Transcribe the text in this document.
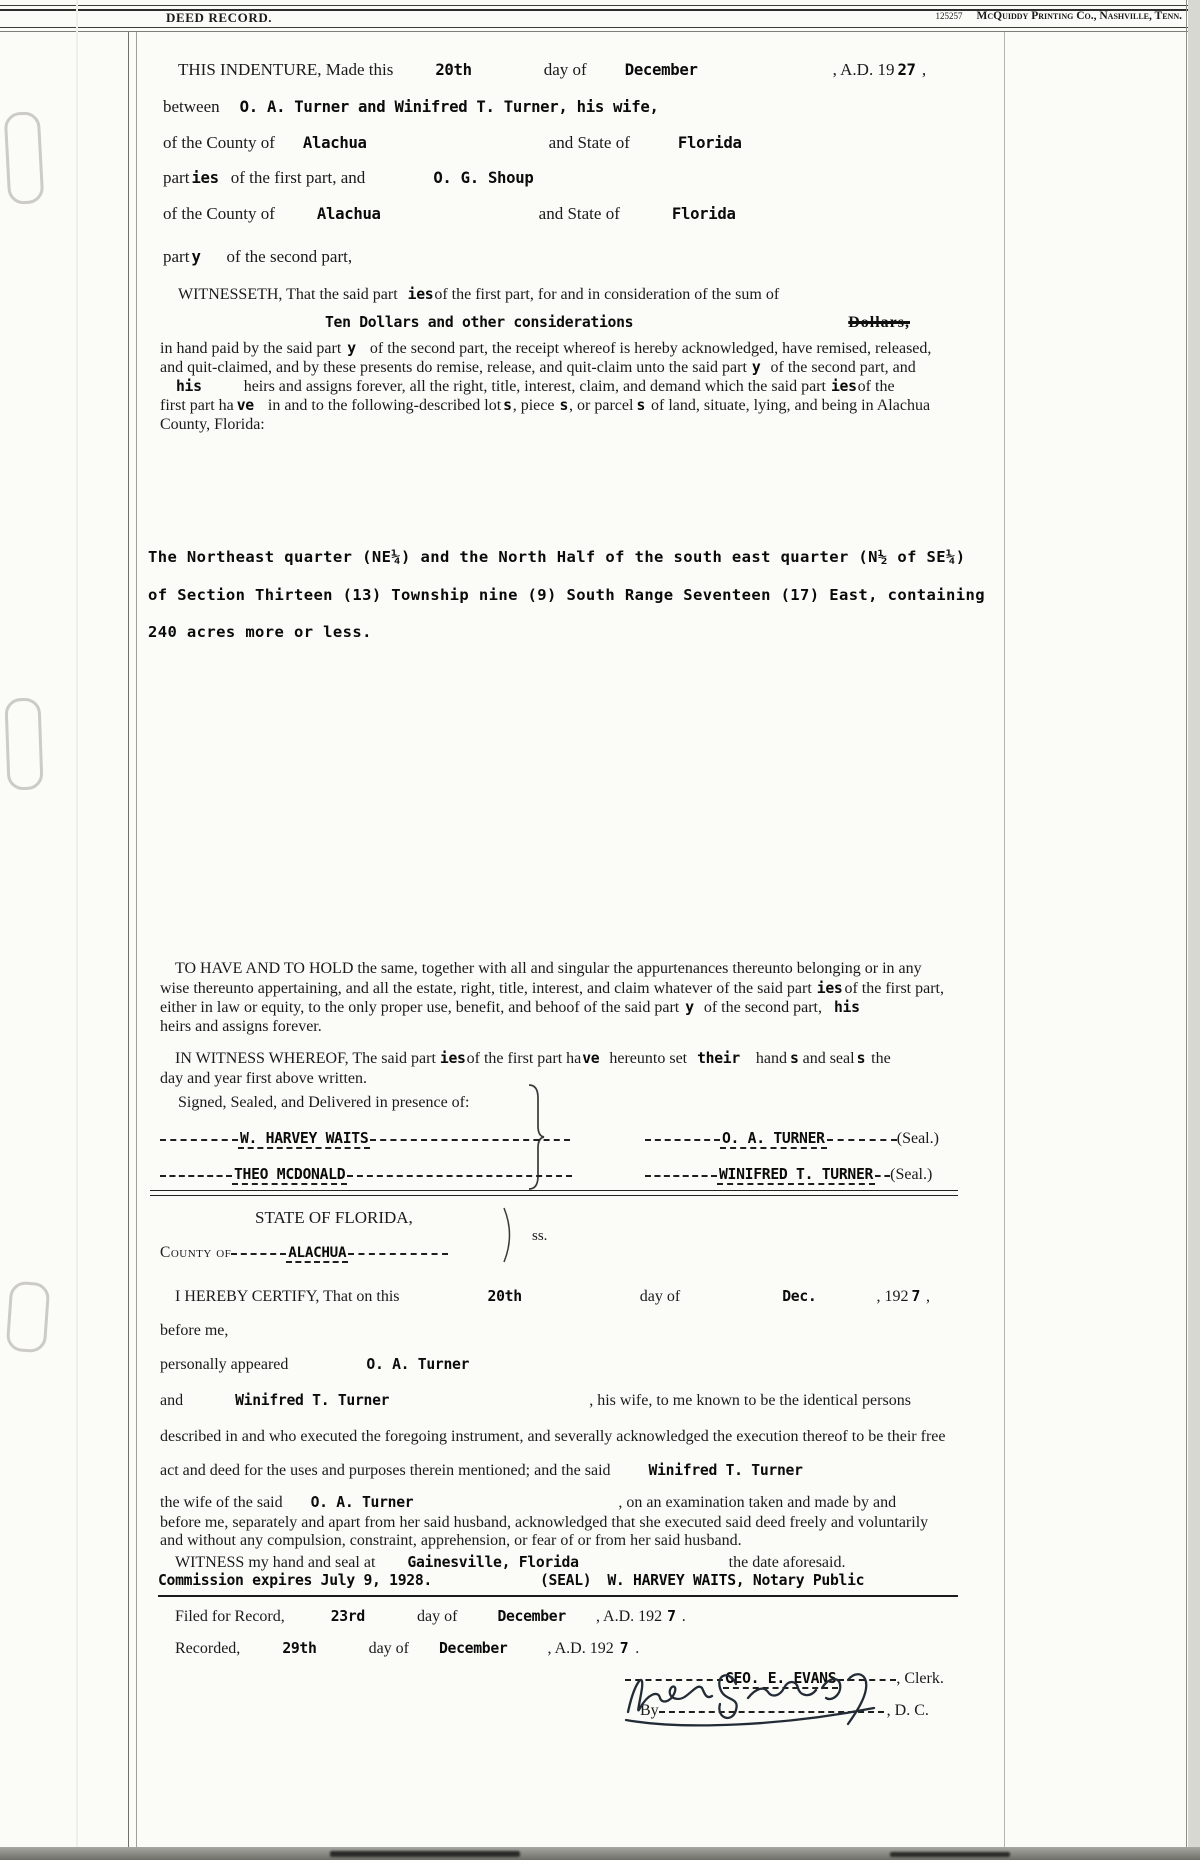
DEED RECORD.	125257 McQuiddy Printing Co., Nashville, Tenn.
THIS INDENTURE, Made this	20th	day of December	, A.D. 19 27 ,
between O. A. Turner and Winifred T. Turner, his wife,
of the County of Alachua	and State of	Florida
part ies of the first part, and	O. G. Shoup
of the County of	Alachua	and State of	Florida
part y of the second part,
WITNESSETH, That the said part iesof the first part, for and in consideration of the sum of
Ten Dollars and other considerations	Dollars,
in hand paid by the said part y of the second part, the receipt whereof is hereby acknowledged, have remised, released,
and quit-claimed, and by these presents do remise, release, and quit-claim unto the said part y of the second part, and
his	heirs and assigns forever, all the right, title, interest, claim, and demand which the said part iesof the
first part ha ve in and to the following-described lot s, piece s, or parcel s of land, situate, lying, and being in Alachua
County, Florida:
The Northeast quarter (NE¼) and the North Half of the south east quarter (N½ of SE¼)
of Section Thirteen (13) Township nine (9) South Range Seventeen (17) East, containing
240 acres more or less.
TO HAVE AND TO HOLD the same, together with all and singular the appurtenances thereunto belonging or in any
wise thereunto appertaining, and all the estate, right, title, interest, and claim whatever of the said part ies of the first part,
either in law or equity, to the only proper use, benefit, and behoof of the said part y of the second part, his
heirs and assigns forever.
IN WITNESS WHEREOF, The said part iesof the first part have hereunto set their hand s and seal s the
day and year first above written.
Signed, Sealed, and Delivered in presence of:
W. HARVEY WAITS
THEO MCDONALD
O. A. TURNER	(Seal.)
WINIFRED T. TURNER (Seal.)
STATE OF FLORIDA,
ss.
County of	ALACHUA
I HEREBY CERTIFY, That on this	20th	day of	Dec.	, 192 7 ,
before me,
personally appeared	O. A. Turner
and	Winifred T. Turner	, his wife, to me known to be the identical persons
described in and who executed the foregoing instrument, and severally acknowledged the execution thereof to be their free
act and deed for the uses and purposes therein mentioned; and the said	Winifred T. Turner
the wife of the said O. A. Turner	, on an examination taken and made by and
before me, separately and apart from her said husband, acknowledged that she executed said deed freely and voluntarily
and without any compulsion, constraint, apprehension, or fear of or from her said husband.
WITNESS my hand and seal at Gainesville, Florida	the date aforesaid.
Commission expires July 9, 1928.	(SEAL) W. HARVEY WAITS, Notary Public
Filed for Record,	23rd	day of	December , A.D. 192 7 .
Recorded,	29th	day of December	, A.D. 192 7 .
GEO. E. EVANS	, Clerk.
By	, D. C.
